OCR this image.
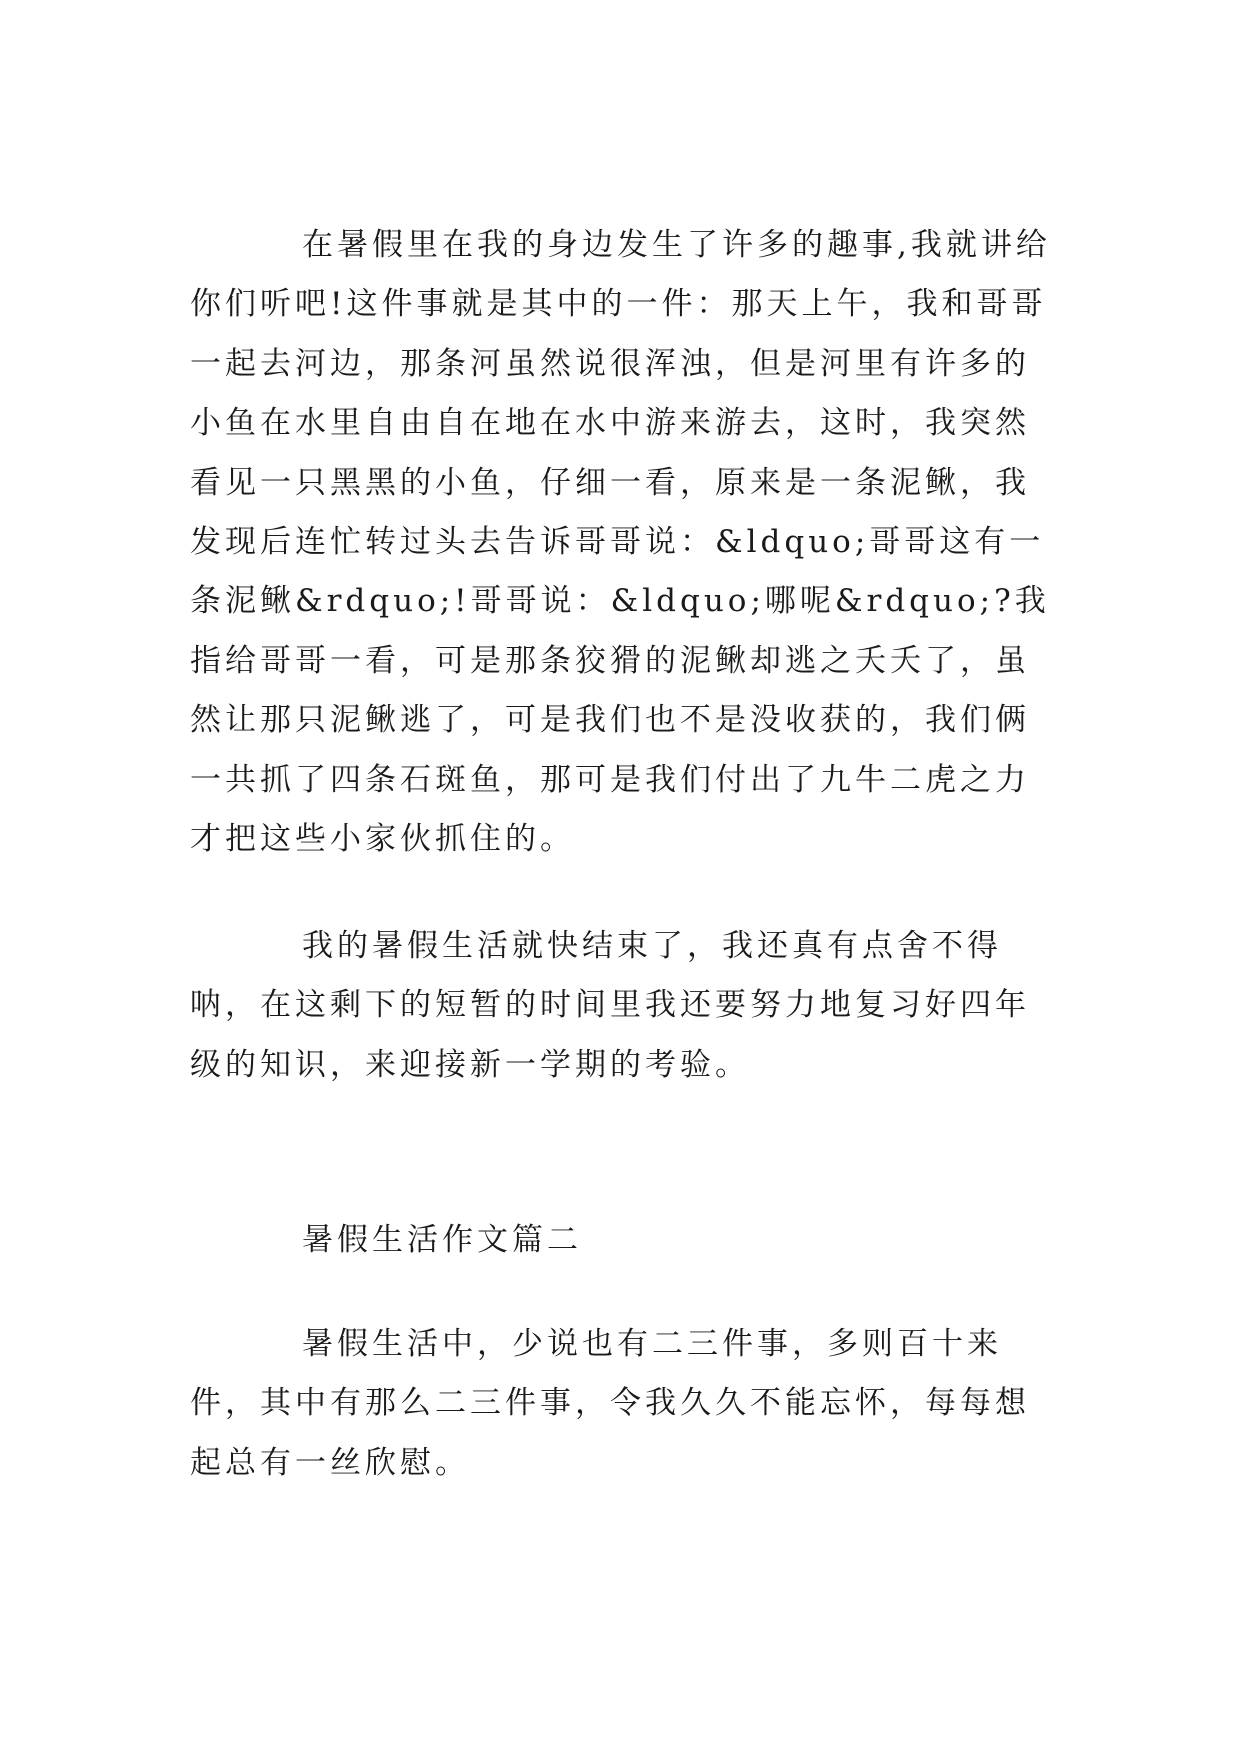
在暑假里在我的身边发生了许多的趣事,我就讲给你们听吧!这件事就是其中的一件：那天上午，我和哥哥一起去河边，那条河虽然说很浑浊，但是河里有许多的小鱼在水里自由自在地在水中游来游去，这时，我突然看见一只黑黑的小鱼，仔细一看，原来是一条泥鳅，我发现后连忙转过头去告诉哥哥说：&ldquo;哥哥这有一条泥鳅&rdquo;!哥哥说：&ldquo;哪呢&rdquo;?我指给哥哥一看，可是那条狡猾的泥鳅却逃之夭夭了，虽然让那只泥鳅逃了，可是我们也不是没收获的，我们俩一共抓了四条石斑鱼，那可是我们付出了九牛二虎之力才把这些小家伙抓住的。

我的暑假生活就快结束了，我还真有点舍不得呐，在这剩下的短暂的时间里我还要努力地复习好四年级的知识，来迎接新一学期的考验。

暑假生活作文篇二

暑假生活中，少说也有二三件事，多则百十来件，其中有那么二三件事，令我久久不能忘怀，每每想起总有一丝欣慰。
